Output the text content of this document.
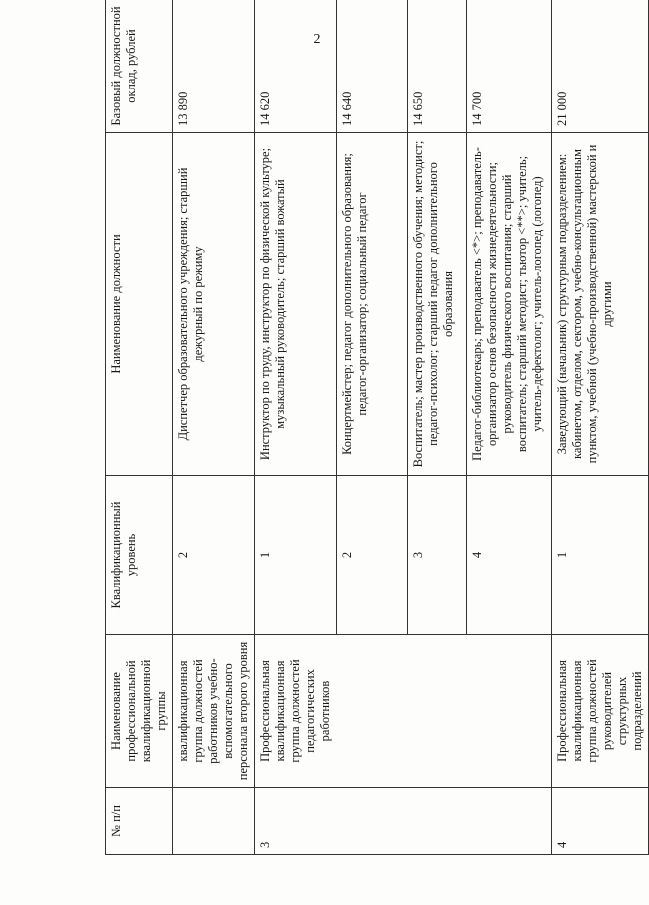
2
№ п/п	Наименование профессиональной квалификационной группы	Квалификационный уровень	Наименование должности	Базовый должностной оклад, рублей
	квалификационная группа должностей работников учебно-вспомогательного персонала второго уровня	2	Диспетчер образовательного учреждения; старший дежурный по режиму	13 890
3	Профессиональная квалификационная группа должностей педагогических работников	1	Инструктор по труду, инструктор по физической культуре; музыкальный руководитель; старший вожатый	14 620
		2	Концертмейстер; педагог дополнительного образования; педагог-организатор; социальный педагог	14 640
		3	Воспитатель; мастер производственного обучения; методист; педагог-психолог; старший педагог дополнительного образования	14 650
		4	Педагог-библиотекарь; преподаватель <*>; преподаватель-организатор основ безопасности жизнедеятельности; руководитель физического воспитания; старший воспитатель; старший методист; тьютор <**>; учитель; учитель-дефектолог; учитель-логопед (логопед)	14 700
4	Профессиональная квалификационная группа должностей руководителей структурных подразделений	1	Заведующий (начальник) структурным подразделением: кабинетом, отделом, сектором, учебно-консультационным пунктом, учебной (учебно-производственной) мастерской и другими	21 000
